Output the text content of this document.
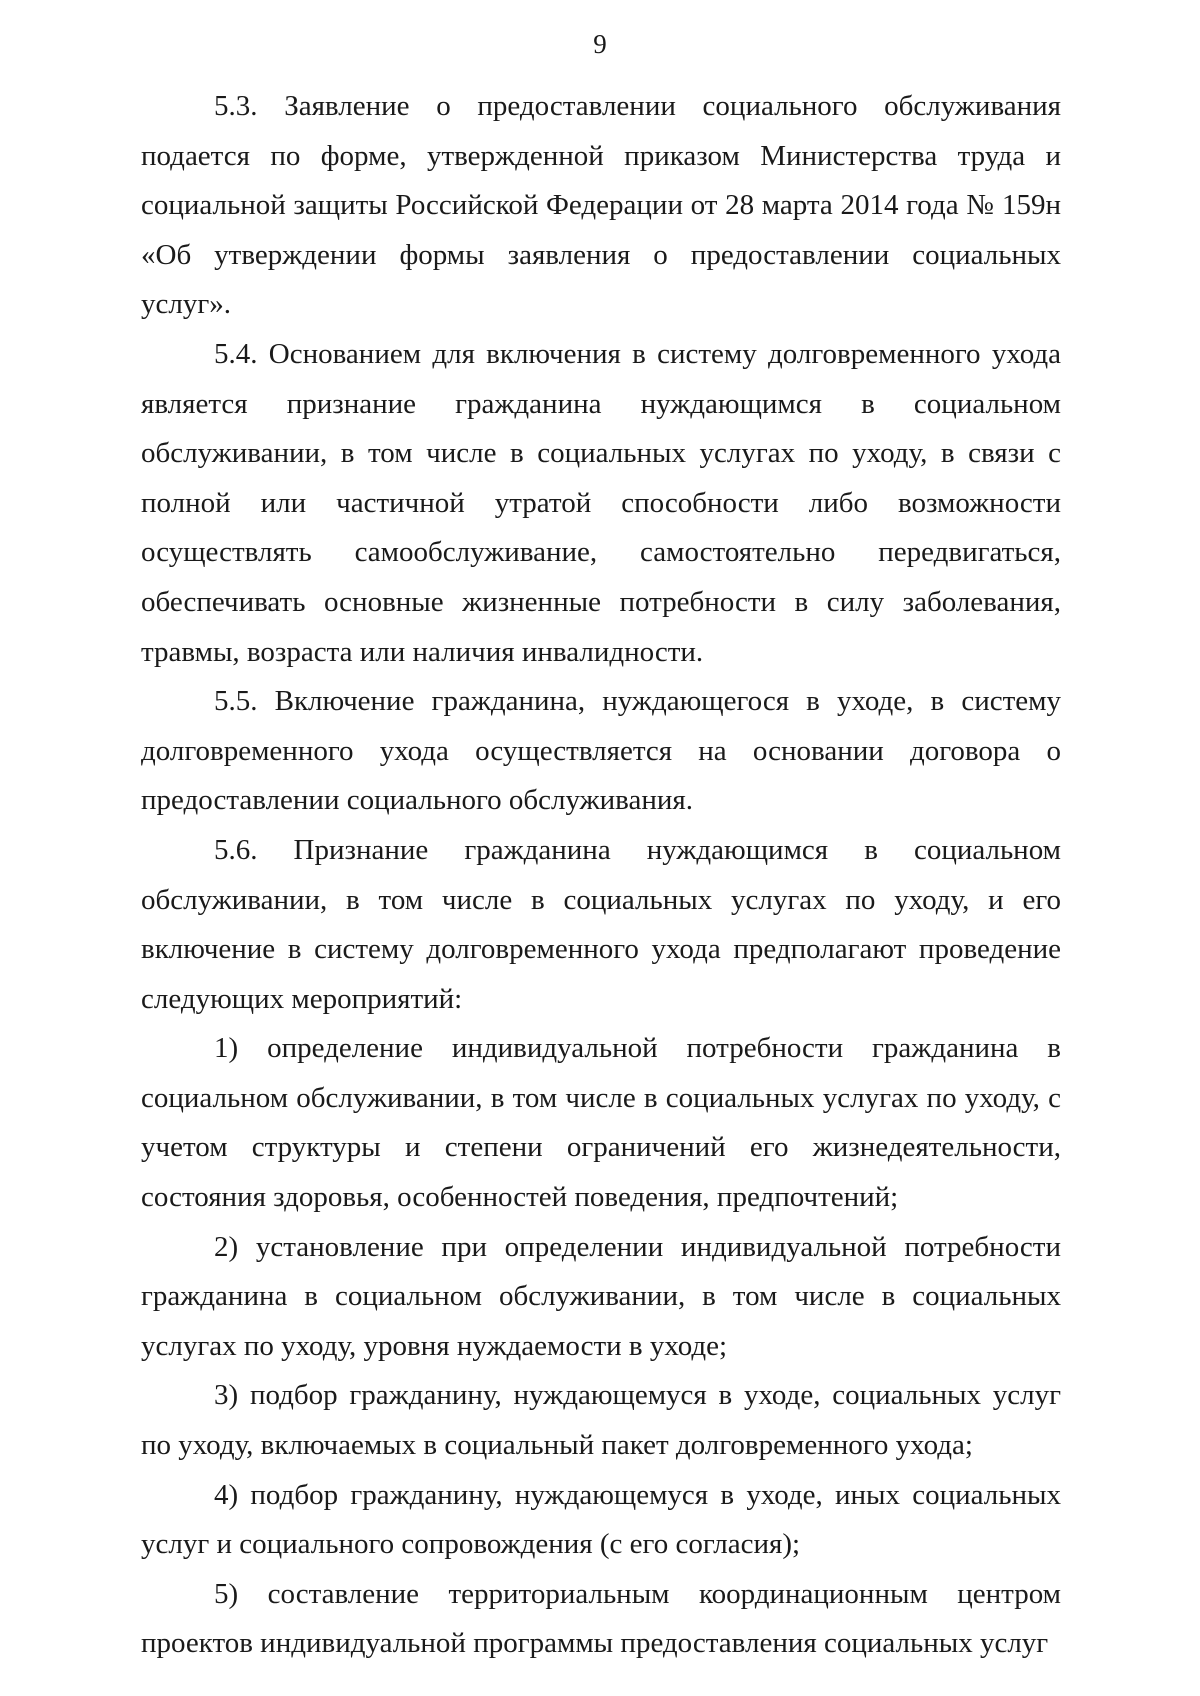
9

5.3. Заявление о предоставлении социального обслуживания подается по форме, утвержденной приказом Министерства труда и социальной защиты Российской Федерации от 28 марта 2014 года № 159н «Об утверждении формы заявления о предоставлении социальных услуг».

5.4. Основанием для включения в систему долговременного ухода является признание гражданина нуждающимся в социальном обслуживании, в том числе в социальных услугах по уходу, в связи с полной или частичной утратой способности либо возможности осуществлять самообслуживание, самостоятельно передвигаться, обеспечивать основные жизненные потребности в силу заболевания, травмы, возраста или наличия инвалидности.

5.5. Включение гражданина, нуждающегося в уходе, в систему долговременного ухода осуществляется на основании договора о предоставлении социального обслуживания.

5.6. Признание гражданина нуждающимся в социальном обслуживании, в том числе в социальных услугах по уходу, и его включение в систему долговременного ухода предполагают проведение следующих мероприятий:

1) определение индивидуальной потребности гражданина в социальном обслуживании, в том числе в социальных услугах по уходу, с учетом структуры и степени ограничений его жизнедеятельности, состояния здоровья, особенностей поведения, предпочтений;

2) установление при определении индивидуальной потребности гражданина в социальном обслуживании, в том числе в социальных услугах по уходу, уровня нуждаемости в уходе;

3) подбор гражданину, нуждающемуся в уходе, социальных услуг по уходу, включаемых в социальный пакет долговременного ухода;

4) подбор гражданину, нуждающемуся в уходе, иных социальных услуг и социального сопровождения (с его согласия);

5) составление территориальным координационным центром проектов индивидуальной программы предоставления социальных услуг
